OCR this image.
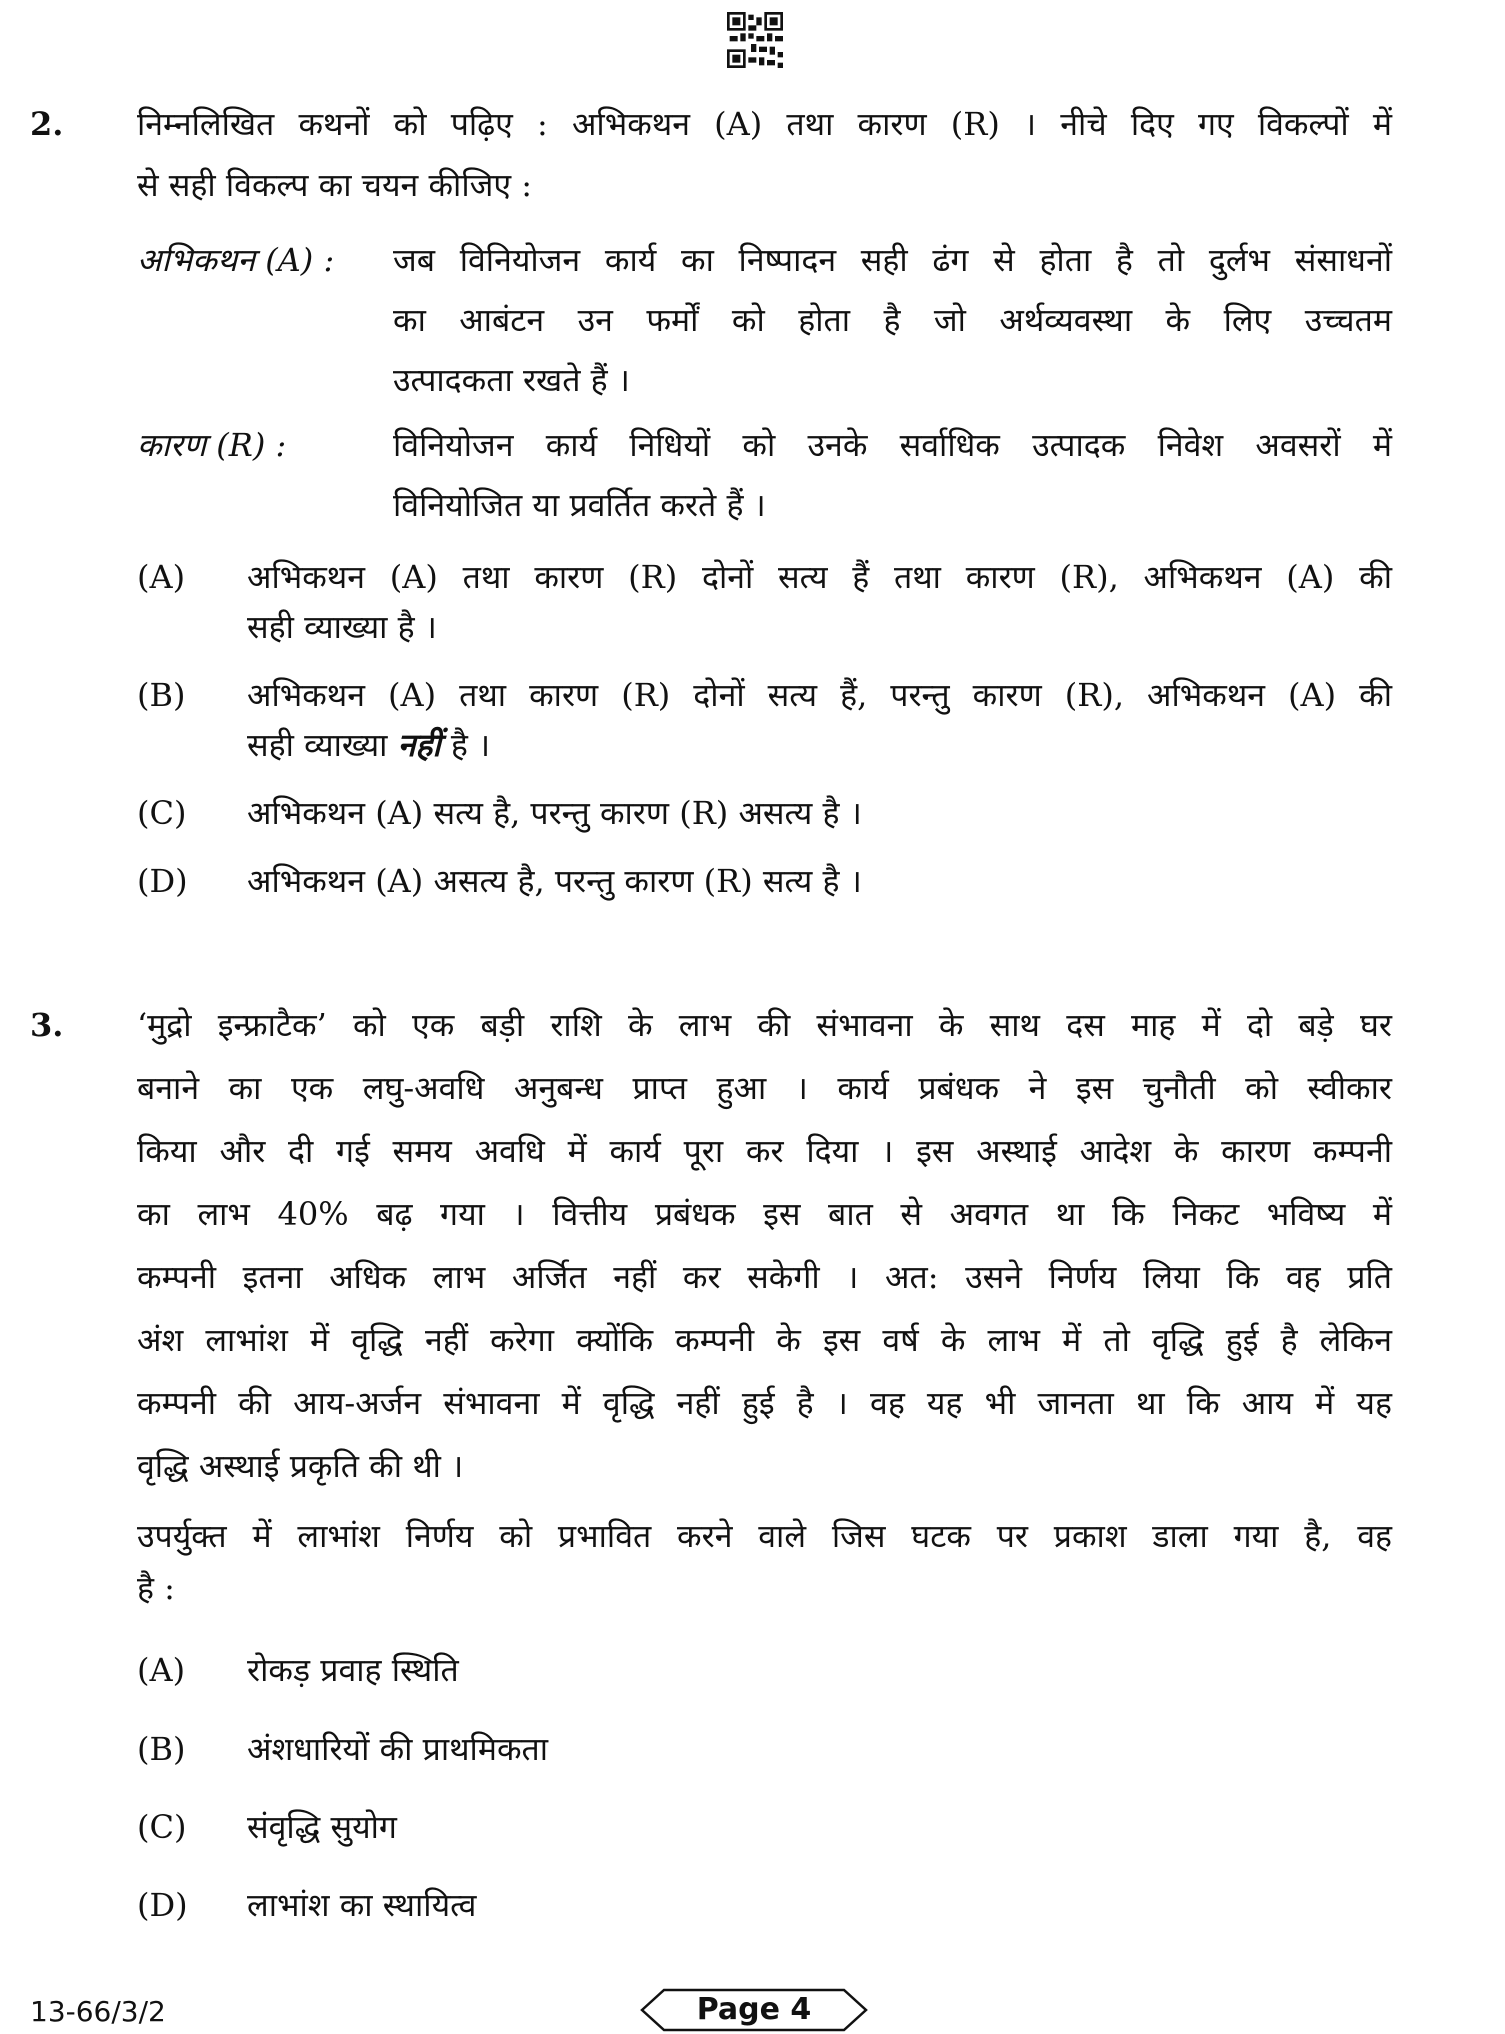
2. निम्नलिखित कथनों को पढ़िए : अभिकथन (A) तथा कारण (R) । नीचे दिए गए विकल्पों में
से सही विकल्प का चयन कीजिए :
अभिकथन (A) : जब विनियोजन कार्य का निष्पादन सही ढंग से होता है तो दुर्लभ संसाधनों
का आबंटन उन फर्मों को होता है जो अर्थव्यवस्था के लिए उच्चतम
उत्पादकता रखते हैं ।
कारण (R) :	विनियोजन कार्य निधियों को उनके सर्वाधिक उत्पादक निवेश अवसरों में
विनियोजित या प्रवर्तित करते हैं ।
(A) अभिकथन (A) तथा कारण (R) दोनों सत्य हैं तथा कारण (R), अभिकथन (A) की
सही व्याख्या है ।
(B) अभिकथन (A) तथा कारण (R) दोनों सत्य हैं, परन्तु कारण (R), अभिकथन (A) की
सही व्याख्या नहीं है ।
(C) अभिकथन (A) सत्य है, परन्तु कारण (R) असत्य है ।
(D) अभिकथन (A) असत्य है, परन्तु कारण (R) सत्य है ।
3. ‘मुद्रो इन्फ्राटैक’ को एक बड़ी राशि के लाभ की संभावना के साथ दस माह में दो बड़े घर
बनाने का एक लघु-अवधि अनुबन्ध प्राप्त हुआ । कार्य प्रबंधक ने इस चुनौती को स्वीकार
किया और दी गई समय अवधि में कार्य पूरा कर दिया । इस अस्थाई आदेश के कारण कम्पनी
का लाभ 40% बढ़ गया । वित्तीय प्रबंधक इस बात से अवगत था कि निकट भविष्य में
कम्पनी इतना अधिक लाभ अर्जित नहीं कर सकेगी । अत: उसने निर्णय लिया कि वह प्रति
अंश लाभांश में वृद्धि नहीं करेगा क्योंकि कम्पनी के इस वर्ष के लाभ में तो वृद्धि हुई है लेकिन
कम्पनी की आय-अर्जन संभावना में वृद्धि नहीं हुई है । वह यह भी जानता था कि आय में यह
वृद्धि अस्थाई प्रकृति की थी ।
उपर्युक्त में लाभांश निर्णय को प्रभावित करने वाले जिस घटक पर प्रकाश डाला गया है, वह
है :
(A) रोकड़ प्रवाह स्थिति
(B) अंशधारियों की प्राथमिकता
(C) संवृद्धि सुयोग
(D) लाभांश का स्थायित्व
13-66/3/2	Page 4
